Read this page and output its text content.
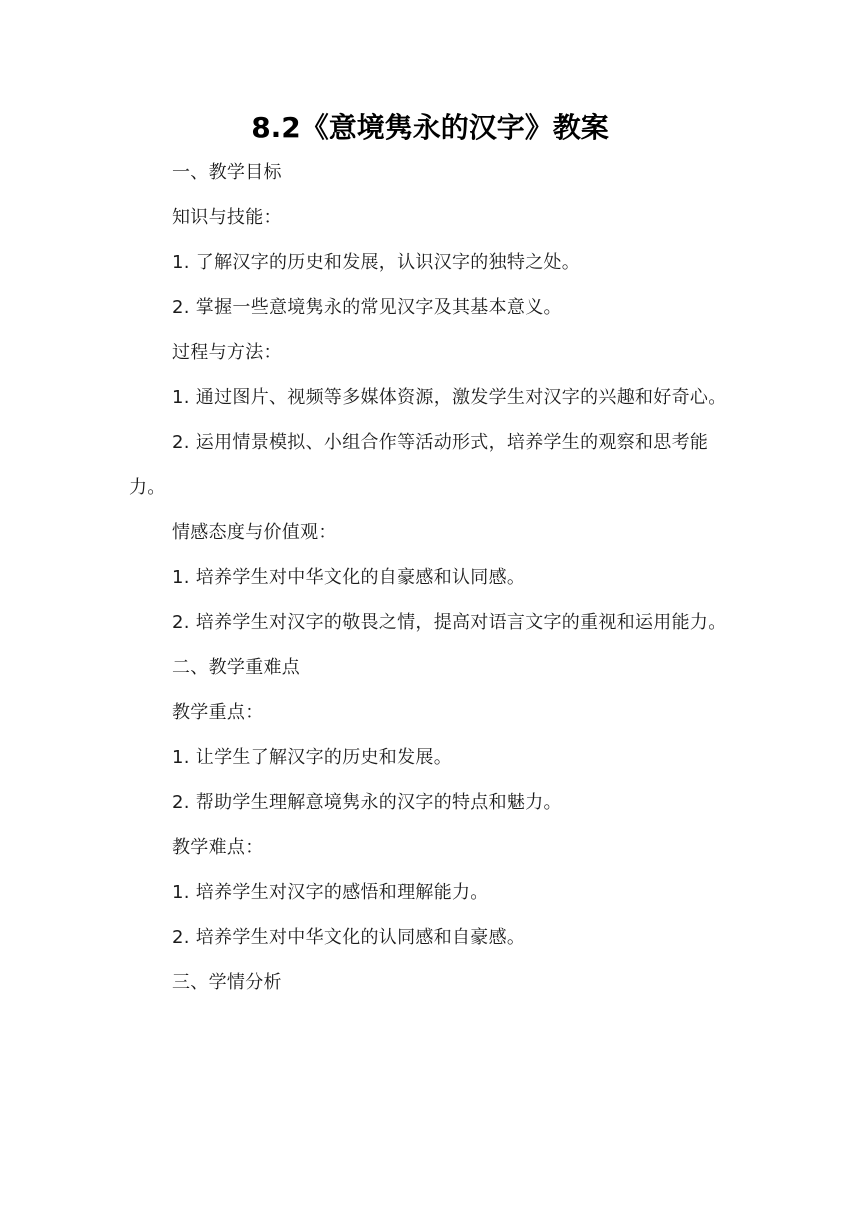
8.2《意境隽永的汉字》教案

一、教学目标

知识与技能：

1. 了解汉字的历史和发展，认识汉字的独特之处。

2. 掌握一些意境隽永的常见汉字及其基本意义。

过程与方法：

1. 通过图片、视频等多媒体资源，激发学生对汉字的兴趣和好奇心。

2. 运用情景模拟、小组合作等活动形式，培养学生的观察和思考能力。

情感态度与价值观：

1. 培养学生对中华文化的自豪感和认同感。

2. 培养学生对汉字的敬畏之情，提高对语言文字的重视和运用能力。

二、教学重难点

教学重点：

1. 让学生了解汉字的历史和发展。

2. 帮助学生理解意境隽永的汉字的特点和魅力。

教学难点：

1. 培养学生对汉字的感悟和理解能力。

2. 培养学生对中华文化的认同感和自豪感。

三、学情分析
